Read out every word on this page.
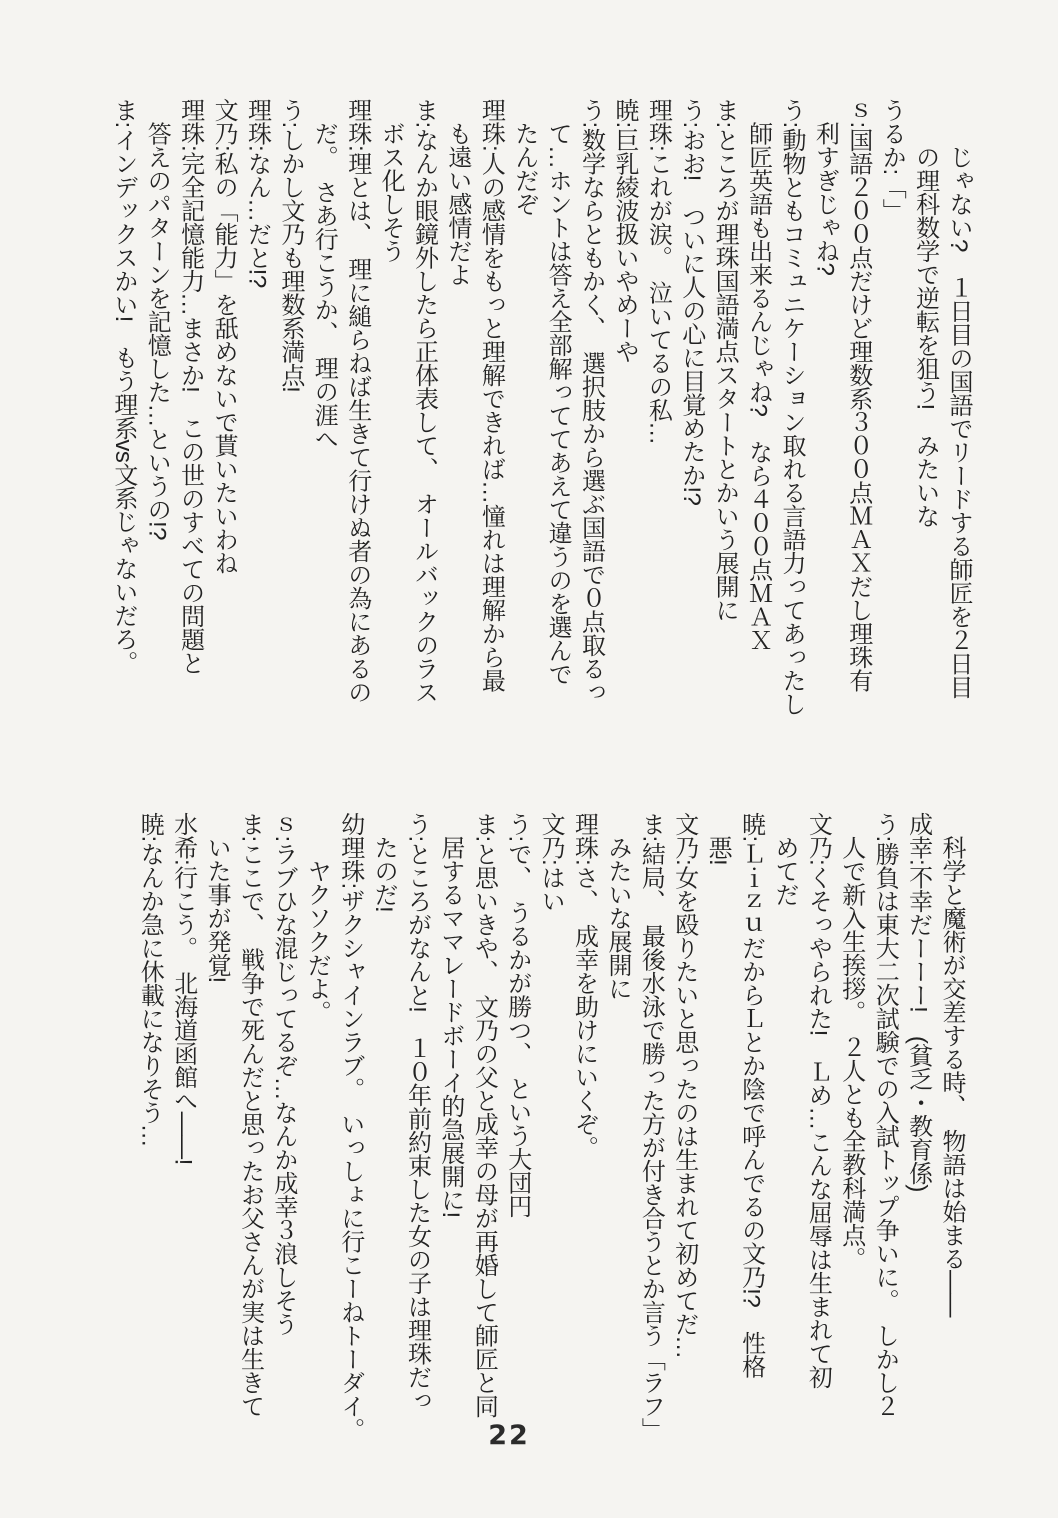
　　じゃない?　１日目の国語でリードする師匠を２日目

　　の理科数学で逆転を狙う!　みたいな

うるか:「」

ｓ:国語２００点だけど理数系３００点ＭＡＸだし理珠有

　利すぎじゃね?

う:動物ともコミュニケーション取れる言語力ってあったし

　師匠英語も出来るんじゃね?　なら４００点ＭＡＸ

ま:ところが理珠国語満点スタートとかいう展開に

う:おお!　ついに人の心に目覚めたか!?

理珠:これが涙。　泣いてるの私…

暁:巨乳綾波扱いやめーや

う:数学ならともかく、　選択肢から選ぶ国語で０点取るっ

　て…ホントは答え全部解っててあえて違うのを選んで

　たんだぞ

理珠:人の感情をもっと理解できれば…憧れは理解から最

　も遠い感情だよ

ま:なんか眼鏡外したら正体表して、　オールバックのラス

　ボス化しそう

理珠:理とは、　理に縋らねば生きて行けぬ者の為にあるの

　だ。　さあ行こうか、　理の涯へ

う:しかし文乃も理数系満点!

理珠:なん…だと!?

文乃:私の「能力」を舐めないで貰いたいわね

理珠:完全記憶能力…まさか!　この世のすべての問題と

　答えのパターンを記憶した…というの!?

ま:インデックスかい!　もう理系vs文系じゃないだろ。

　科学と魔術が交差する時、　物語は始まる――

成幸:不幸だーーー!　(貧乏・教育係)

う:勝負は東大二次試験での入試トップ争いに。　しかし２

　人で新入生挨拶。　２人とも全教科満点。

文乃:くそっやられた!　Ｌめ…こんな屈辱は生まれて初

　めてだ

暁:ＬｉｚｕだからＬとか陰で呼んでるの文乃!?　性格

　悪!

文乃:女を殴りたいと思ったのは生まれて初めてだ…

ま:結局、　最後水泳で勝った方が付き合うとか言う「ラフ」

　みたいな展開に

理珠:さ、　成幸を助けにいくぞ。

文乃:はい

う:で、　うるかが勝つ、　という大団円

ま:と思いきや、　文乃の父と成幸の母が再婚して師匠と同

　居するママレードボーイ的急展開に!

う:ところがなんと!　１０年前約束した女の子は理珠だっ

　たのだ!

幼理珠:ザクシャインラブ。　いっしょに行こーねトーダイ。

　　ヤクソクだよ。

ｓ:ラブひな混じってるぞ…なんか成幸３浪しそう

ま:ここで、　戦争で死んだと思ったお父さんが実は生きて

　いた事が発覚!

水希:行こう。　北海道函館へ――!

暁:なんか急に休載になりそう…

22
